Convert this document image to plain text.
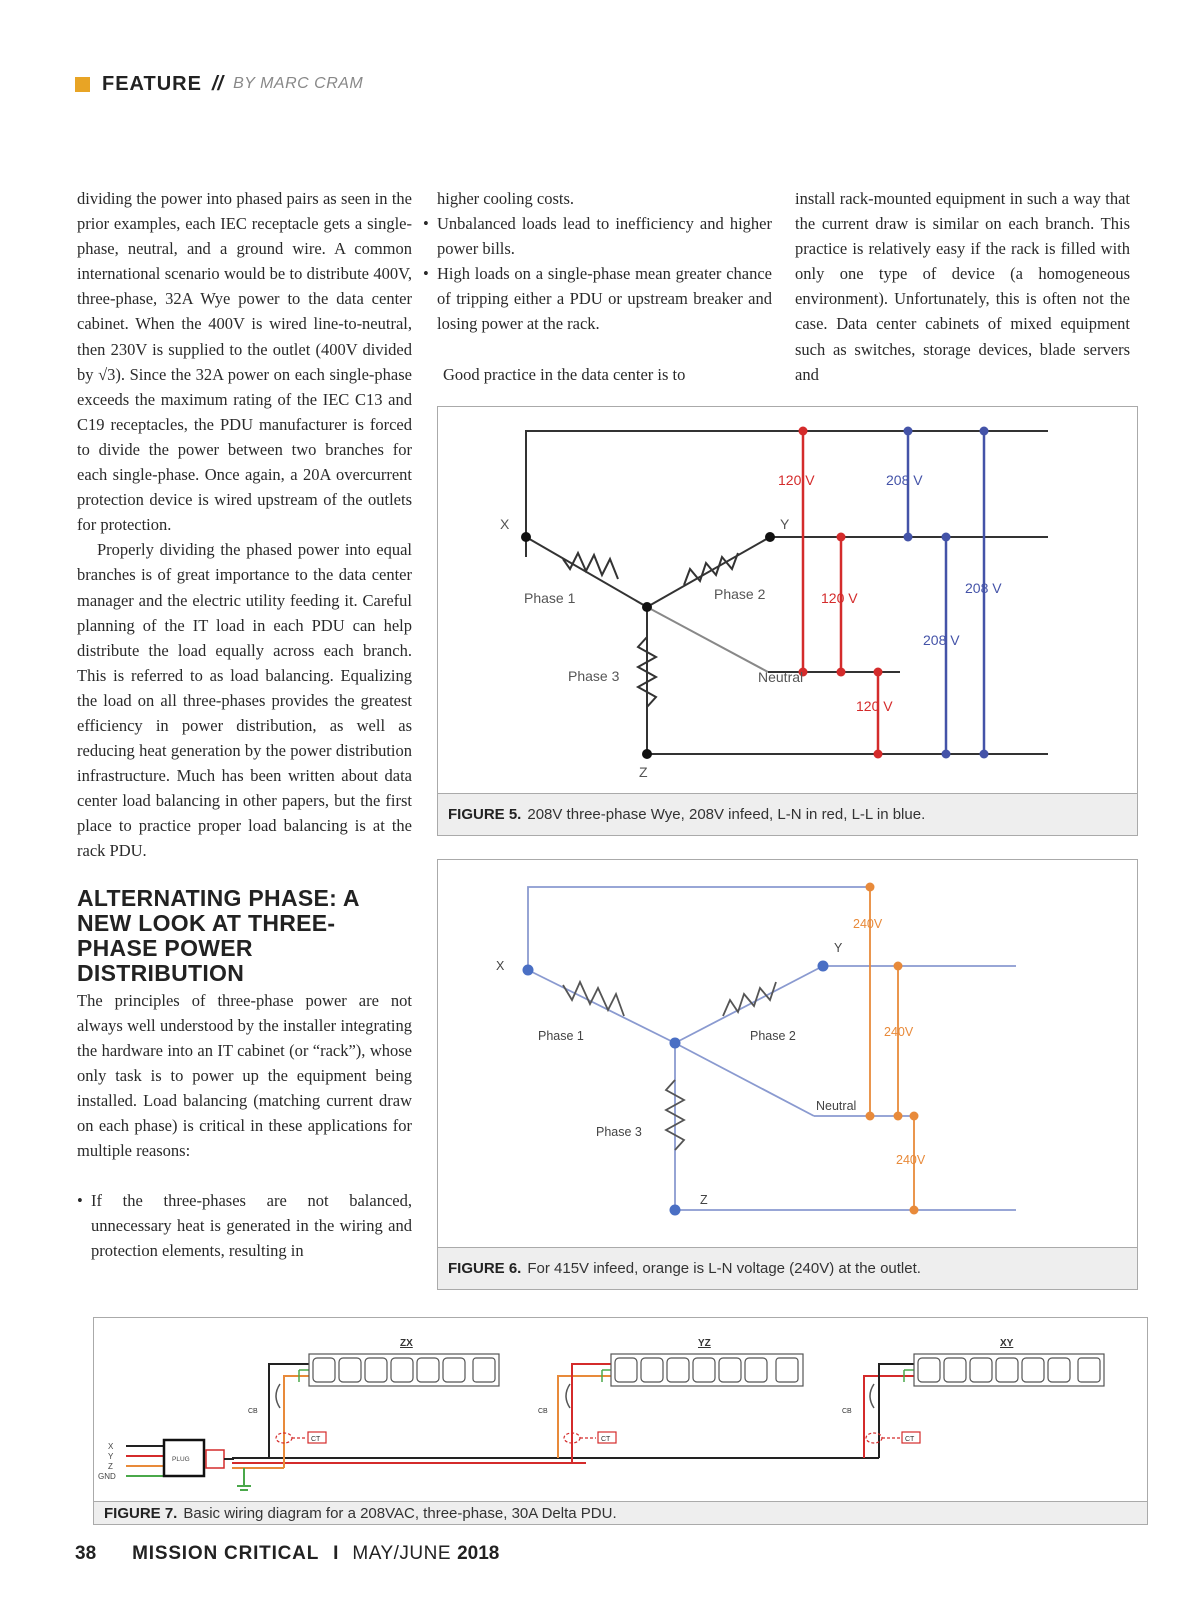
FEATURE // BY MARC CRAM

dividing the power into phased pairs as seen in the prior examples, each IEC receptacle gets a single-phase, neutral, and a ground wire. A common international scenario would be to distribute 400V, three-phase, 32A Wye power to the data center cabinet. When the 400V is wired line-to-neutral, then 230V is supplied to the outlet (400V divided by √3). Since the 32A power on each single-phase exceeds the maximum rating of the IEC C13 and C19 receptacles, the PDU manufacturer is forced to divide the power between two branches for each single-phase. Once again, a 20A overcurrent protection device is wired upstream of the outlets for protection.

Properly dividing the phased power into equal branches is of great importance to the data center manager and the electric utility feeding it. Careful planning of the IT load in each PDU can help distribute the load equally across each branch. This is referred to as load balancing. Equalizing the load on all three-phases provides the greatest efficiency in power distribution, as well as reducing heat generation by the power distribution infrastructure. Much has been written about data center load balancing in other papers, but the first place to practice proper load balancing is at the rack PDU.

ALTERNATING PHASE: A NEW LOOK AT THREE-PHASE POWER DISTRIBUTION

The principles of three-phase power are not always well understood by the installer integrating the hardware into an IT cabinet (or “rack”), whose only task is to power up the equipment being installed. Load balancing (matching current draw on each phase) is critical in these applications for multiple reasons:

• If the three-phases are not balanced, unnecessary heat is generated in the wiring and protection elements, resulting in

higher cooling costs.

• Unbalanced loads lead to inefficiency and higher power bills.
• High loads on a single-phase mean greater chance of tripping either a PDU or upstream breaker and losing power at the rack.

Good practice in the data center is to

install rack-mounted equipment in such a way that the current draw is similar on each branch. This practice is relatively easy if the rack is filled with only one type of device (a homogeneous environment). Unfortunately, this is often not the case. Data center cabinets of mixed equipment such as switches, storage devices, blade servers and

X	Y
Z
Phase 1	Phase 2
Phase 3	Neutral
120 V
120 V
120 V
208 V
208 V
208 V
FIGURE 5. 208V three-phase Wye, 208V infeed, L-N in red, L-L in blue.
X
Y
Z
Phase 1	Phase 2
Phase 3
Neutral
240V
240V
240V
FIGURE 6. For 415V infeed, orange is L-N voltage (240V) at the outlet.
X
Y
Z
GND
PLUG
ZX
CB
CT
YZ
CB
CT
XY
CB
CT
FIGURE 7. Basic wiring diagram for a 208VAC, three-phase, 30A Delta PDU.
38 MISSION CRITICAL I MAY/JUNE 2018
